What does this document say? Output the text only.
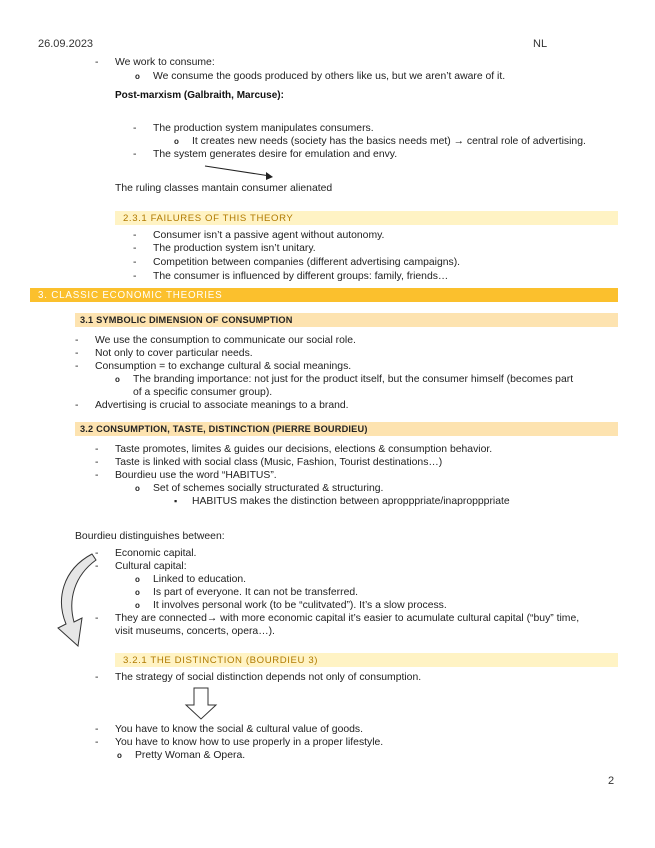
26.09.2023	NL
- We work to consume:
o We consume the goods produced by others like us, but we aren’t aware of it.
Post-marxism (Galbraith, Marcuse):
- The production system manipulates consumers.
o It creates new needs (society has the basics needs met) → central role of advertising.
- The system generates desire for emulation and envy.
The ruling classes mantain consumer alienated
2.3.1 FAILURES OF THIS THEORY
- Consumer isn’t a passive agent without autonomy.
- The production system isn’t unitary.
- Competition between companies (different advertising campaigns).
- The consumer is influenced by different groups: family, friends…
3. CLASSIC ECONOMIC THEORIES
3.1 SYMBOLIC DIMENSION OF CONSUMPTION
- We use the consumption to communicate our social role.
- Not only to cover particular needs.
- Consumption = to exchange cultural & social meanings.
o The branding importance: not just for the product itself, but the consumer himself (becomes part
of a specific consumer group).
- Advertising is crucial to associate meanings to a brand.
3.2 CONSUMPTION, TASTE, DISTINCTION (PIERRE BOURDIEU)
- Taste promotes, limites & guides our decisions, elections & consumption behavior.
- Taste is linked with social class (Music, Fashion, Tourist destinations…)
- Bourdieu use the word “HABITUS”.
o Set of schemes socially structurated & structuring.
▪ HABITUS makes the distinction between apropppriate/inapropppriate
Bourdieu distinguishes between:
- Economic capital.
- Cultural capital:
o Linked to education.
o Is part of everyone. It can not be transferred.
o It involves personal work (to be “culitvated”). It’s a slow process.
- They are connected→ with more economic capital it’s easier to acumulate cultural capital (“buy” time,
visit museums, concerts, opera…).
3.2.1 THE DISTINCTION (BOURDIEU 3)
- The strategy of social distinction depends not only of consumption.
- You have to know the social & cultural value of goods.
- You have to know how to use properly in a proper lifestyle.
o Pretty Woman & Opera.
2
